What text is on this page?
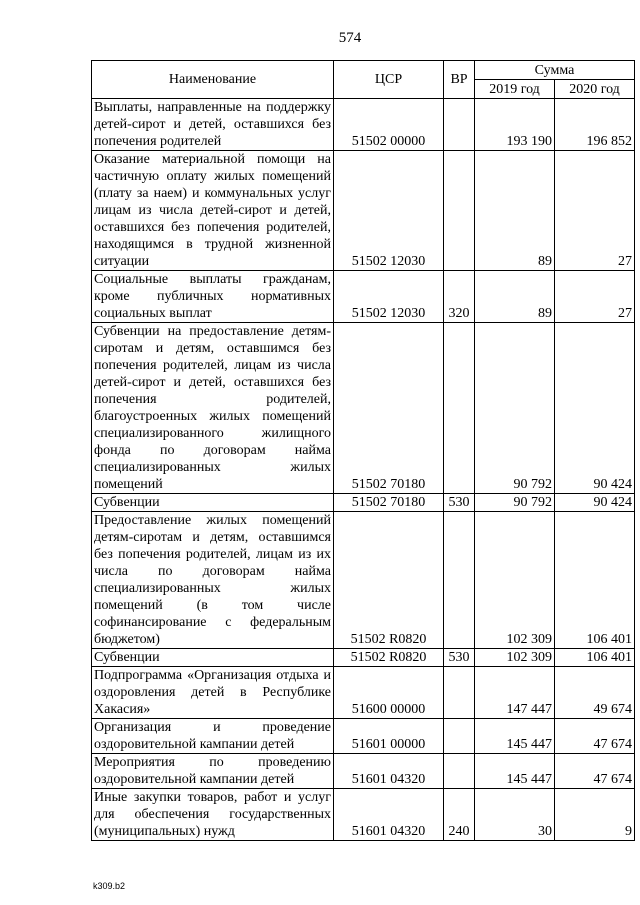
574
Наименование	ЦСР	ВР	Сумма	
			2019 год	2020 год
Выплаты, направленные на поддержку детей-сирот и детей, оставшихся без попечения родителей	51502 00000		193 190	196 852
Оказание материальной помощи на частичную оплату жилых помещений (плату за наем) и коммунальных услуг лицам из числа детей-сирот и детей, оставшихся без попечения родителей, находящимся в трудной жизненной ситуации	51502 12030		89	27
Социальные выплаты гражданам, кроме публичных нормативных социальных выплат	51502 12030	320	89	27
Субвенции на предоставление детям-сиротам и детям, оставшимся без попечения родителей, лицам из числа детей-сирот и детей, оставшихся без попечения родителей, благоустроенных жилых помещений специализированного жилищного фонда по договорам найма специализированных жилых помещений	51502 70180		90 792	90 424
Субвенции	51502 70180	530	90 792	90 424
Предоставление жилых помещений детям-сиротам и детям, оставшимся без попечения родителей, лицам из их числа по договорам найма специализированных жилых помещений (в том числе софинансирование с федеральным бюджетом)	51502 R0820		102 309	106 401
Субвенции	51502 R0820	530	102 309	106 401
Подпрограмма «Организация отдыха и оздоровления детей в Республике Хакасия»	51600 00000		147 447	49 674
Организация и проведение оздоровительной кампании детей	51601 00000		145 447	47 674
Мероприятия по проведению оздоровительной кампании детей	51601 04320		145 447	47 674
Иные закупки товаров, работ и услуг для обеспечения государственных (муниципальных) нужд	51601 04320	240	30	9
k309.b2
